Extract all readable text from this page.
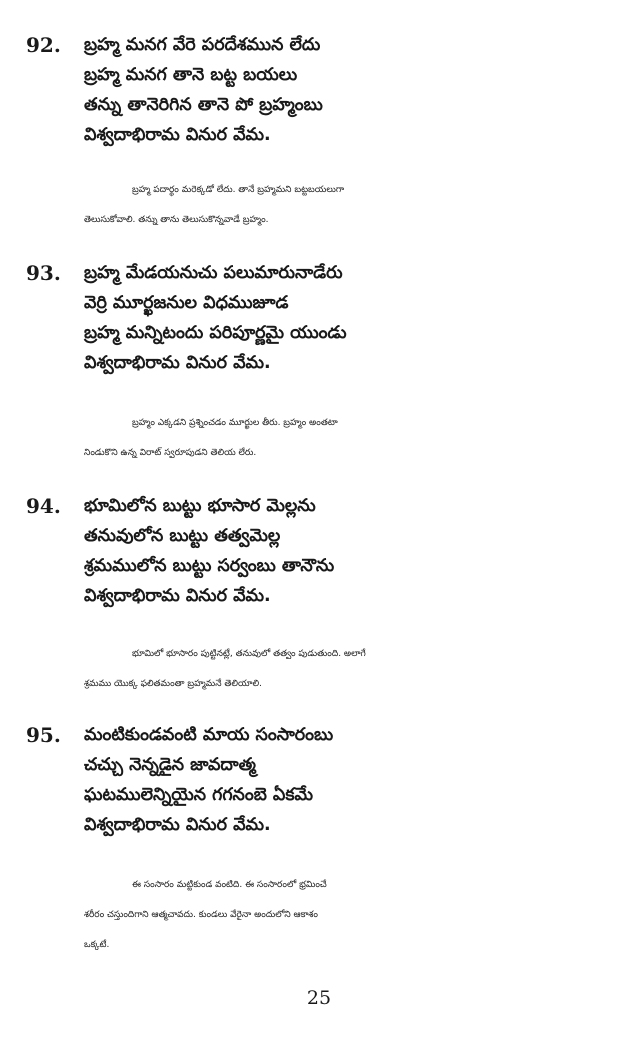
92. బ్రహ్మ మనగ వేరె పరదేశమున లేదు
బ్రహ్మ మనగ తానె బట్ట బయలు
తన్ను తానెరిగిన తానె పో బ్రహ్మంబు
విశ్వదాభిరామ వినుర వేమ.
బ్రహ్మ పదార్థం మరెక్కడో లేదు. తానే బ్రహ్మమని బట్టబయలుగా
తెలుసుకోవాలి. తన్ను తాను తెలుసుకొన్నవాడే బ్రహ్మం.
93. బ్రహ్మ మేడయనుచు పలుమారునాడేరు
వెర్రి మూర్ఖజనుల విధముజూడ
బ్రహ్మ మన్నిటందు పరిపూర్ణమై యుండు
విశ్వదాభిరామ వినుర వేమ.
బ్రహ్మం ఎక్కడని ప్రశ్నించడం మూర్ఖుల తీరు. బ్రహ్మం అంతటా
నిండుకొని ఉన్న విరాట్ స్వరూపుడని తెలియ లేరు.
94. భూమిలోన బుట్టు భూసార మెల్లను
తనువులోన బుట్టు తత్వమెల్ల
శ్రమములోన బుట్టు సర్వంబు తానౌను
విశ్వదాభిరామ వినుర వేమ.
భూమిలో భూసారం పుట్టినట్లే, తనువులో తత్వం పుడుతుంది. అలాగే
శ్రమము యొక్క ఫలితమంతా బ్రహ్మమనే తెలియాలి.
95. మంటికుండవంటి మాయ సంసారంబు
చచ్చు నెన్నడైన జావదాత్మ
ఘటములెన్నియైన గగనంబె ఏకమే
విశ్వదాభిరామ వినుర వేమ.
ఈ సంసారం మట్టికుండ వంటిది. ఈ సంసారంలో భ్రమించే
శరీరం చస్తుందిగాని ఆత్మచావదు. కుండలు వేరైనా అందులోని ఆకాశం
ఒక్కటే.
25
